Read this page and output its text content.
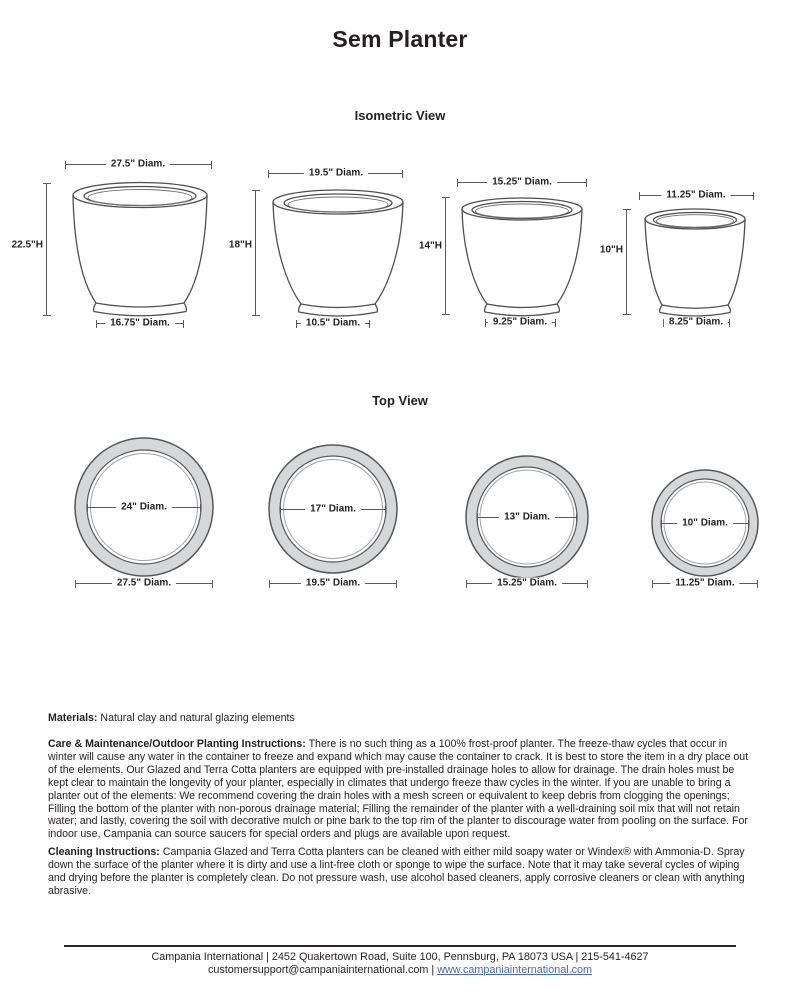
Sem Planter
Isometric View
27.5" Diam.
22.5"H
16.75" Diam.
19.5" Diam.
18"H
10.5" Diam.
15.25" Diam.
14"H
9.25" Diam.
11.25" Diam.
10"H
8.25" Diam.
Top View
24" Diam.
27.5" Diam.
17" Diam.
19.5" Diam.
13" Diam.
15.25" Diam.
10" Diam.
11.25" Diam.
Materials: Natural clay and natural glazing elements
Care & Maintenance/Outdoor Planting Instructions: There is no such thing as a 100% frost-proof planter. The freeze-thaw cycles that occur in winter will cause any water in the container to freeze and expand which may cause the container to crack. It is best to store the item in a dry place out of the elements. Our Glazed and Terra Cotta planters are equipped with pre-installed drainage holes to allow for drainage. The drain holes must be kept clear to maintain the longevity of your planter, especially in climates that undergo freeze thaw cycles in the winter. If you are unable to bring a planter out of the elements: We recommend covering the drain holes with a mesh screen or equivalent to keep debris from clogging the openings; Filling the bottom of the planter with non-porous drainage material; Filling the remainder of the planter with a well-draining soil mix that will not retain water; and lastly, covering the soil with decorative mulch or pine bark to the top rim of the planter to discourage water from pooling on the surface. For indoor use, Campania can source saucers for special orders and plugs are available upon request.
Cleaning Instructions: Campania Glazed and Terra Cotta planters can be cleaned with either mild soapy water or Windex® with Ammonia-D. Spray down the surface of the planter where it is dirty and use a lint-free cloth or sponge to wipe the surface. Note that it may take several cycles of wiping and drying before the planter is completely clean. Do not pressure wash, use alcohol based cleaners, apply corrosive cleaners or clean with anything abrasive.
Campania International | 2452 Quakertown Road, Suite 100, Pennsburg, PA 18073 USA | 215-541-4627
customersupport@campaniainternational.com | www.campaniainternational.com
